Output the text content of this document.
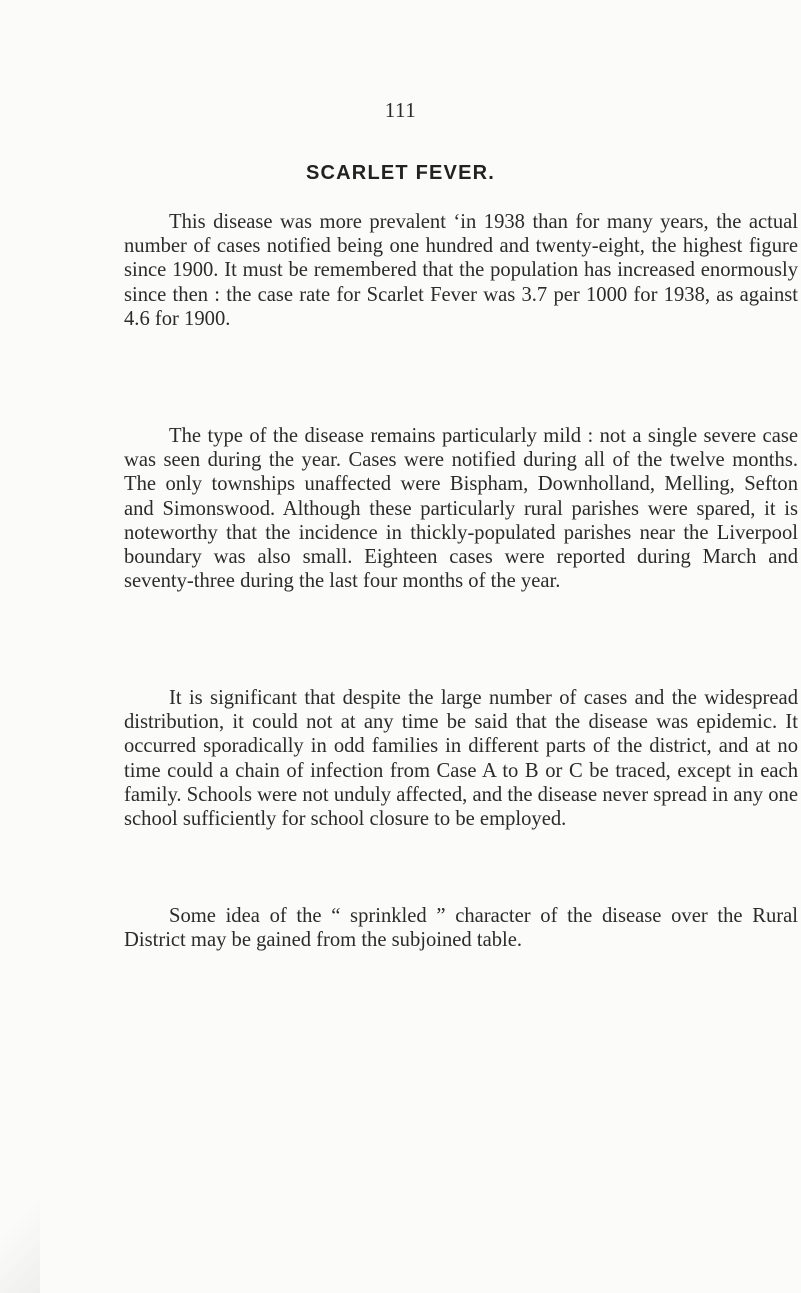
111
SCARLET FEVER.

This disease was more prevalent ‘in 1938 than for many years, the actual number of cases notified being one hundred and twenty-eight, the highest figure since 1900. It must be remembered that the population has increased enormously since then : the case rate for Scarlet Fever was 3.7 per 1000 for 1938, as against 4.6 for 1900.

The type of the disease remains particularly mild : not a single severe case was seen during the year. Cases were notified during all of the twelve months. The only townships unaffected were Bispham, Downholland, Melling, Sefton and Simonswood. Although these particularly rural parishes were spared, it is noteworthy that the incidence in thickly-populated parishes near the Liverpool boundary was also small. Eighteen cases were reported during March and seventy-three during the last four months of the year.

It is significant that despite the large number of cases and the widespread distribution, it could not at any time be said that the disease was epidemic. It occurred sporadically in odd families in different parts of the district, and at no time could a chain of infection from Case A to B or C be traced, except in each family. Schools were not unduly affected, and the disease never spread in any one school sufficiently for school closure to be employed.

Some idea of the “ sprinkled ” character of the disease over the Rural District may be gained from the subjoined table.
